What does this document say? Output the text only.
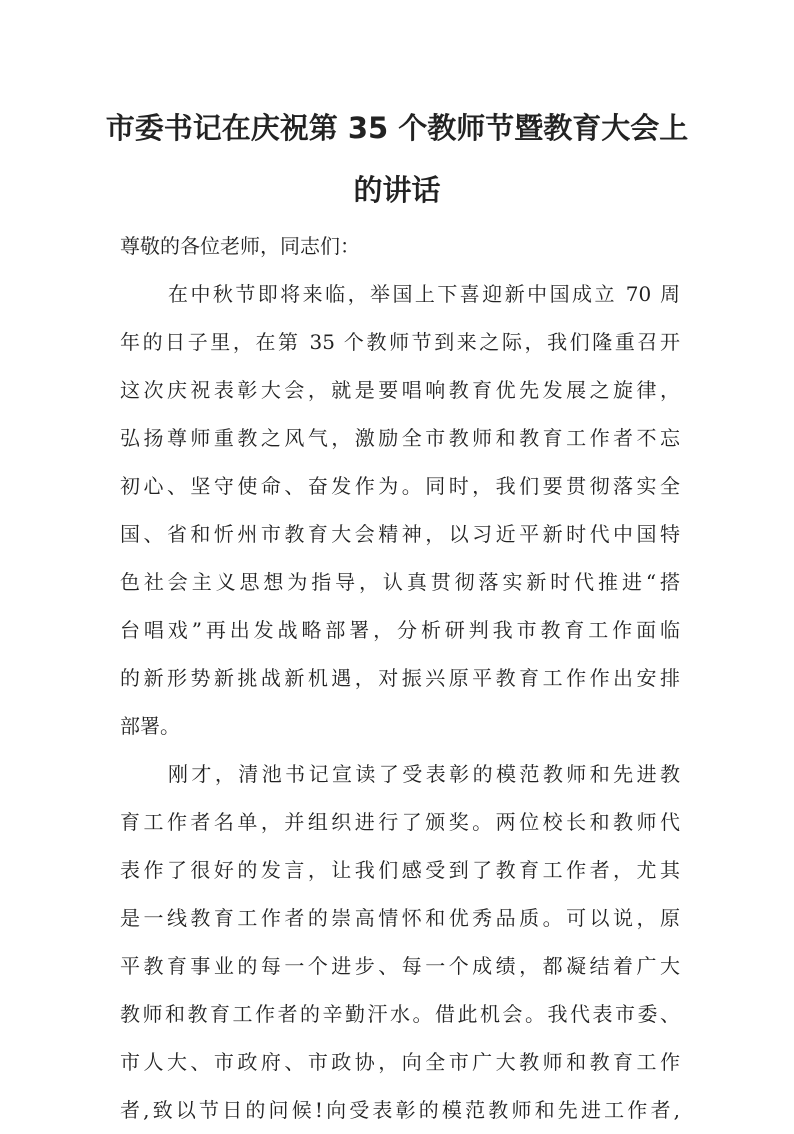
市委书记在庆祝第 35 个教师节暨教育大会上
的讲话
尊敬的各位老师，同志们：
在中秋节即将来临，举国上下喜迎新中国成立 70 周
年的日子里，在第 35 个教师节到来之际，我们隆重召开
这次庆祝表彰大会，就是要唱响教育优先发展之旋律，
弘扬尊师重教之风气，激励全市教师和教育工作者不忘
初心、坚守使命、奋发作为。同时，我们要贯彻落实全
国、省和忻州市教育大会精神，以习近平新时代中国特
色社会主义思想为指导，认真贯彻落实新时代推进“搭
台唱戏”再出发战略部署，分析研判我市教育工作面临
的新形势新挑战新机遇，对振兴原平教育工作作出安排
部署。
刚才，清池书记宣读了受表彰的模范教师和先进教
育工作者名单，并组织进行了颁奖。两位校长和教师代
表作了很好的发言，让我们感受到了教育工作者，尤其
是一线教育工作者的崇高情怀和优秀品质。可以说，原
平教育事业的每一个进步、每一个成绩，都凝结着广大
教师和教育工作者的辛勤汗水。借此机会。我代表市委、
市人大、市政府、市政协，向全市广大教师和教育工作
者,致以节日的问候!向受表彰的模范教师和先进工作者,
